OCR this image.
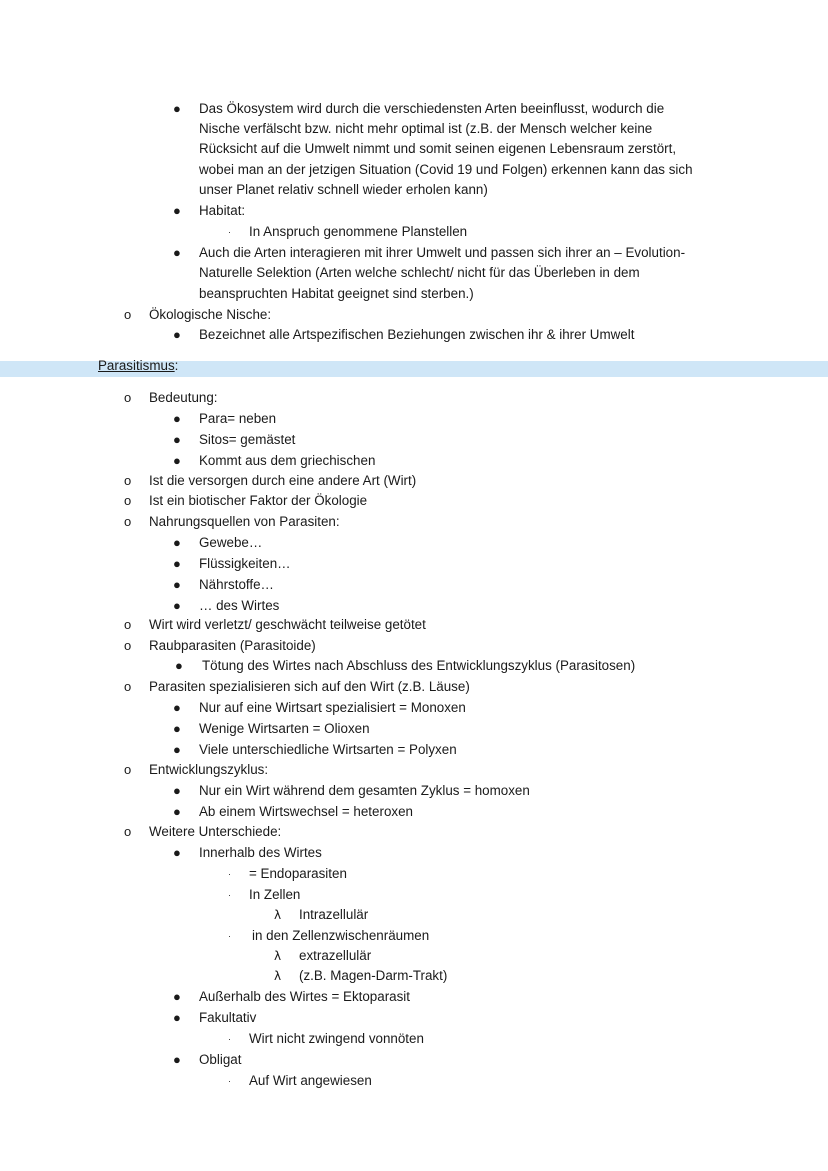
● Das Ökosystem wird durch die verschiedensten Arten beeinflusst, wodurch die
Nische verfälscht bzw. nicht mehr optimal ist (z.B. der Mensch welcher keine
Rücksicht auf die Umwelt nimmt und somit seinen eigenen Lebensraum zerstört,
wobei man an der jetzigen Situation (Covid 19 und Folgen) erkennen kann das sich
unser Planet relativ schnell wieder erholen kann)
● Habitat:
· In Anspruch genommene Planstellen
● Auch die Arten interagieren mit ihrer Umwelt und passen sich ihrer an – Evolution-
Naturelle Selektion (Arten welche schlecht/ nicht für das Überleben in dem
beanspruchten Habitat geeignet sind sterben.)
o Ökologische Nische:
● Bezeichnet alle Artspezifischen Beziehungen zwischen ihr & ihrer Umwelt
Parasitismus:
o Bedeutung:
● Para= neben
● Sitos= gemästet
● Kommt aus dem griechischen
o Ist die versorgen durch eine andere Art (Wirt)
o Ist ein biotischer Faktor der Ökologie
o Nahrungsquellen von Parasiten:
● Gewebe…
● Flüssigkeiten…
● Nährstoffe…
● … des Wirtes
o Wirt wird verletzt/ geschwächt teilweise getötet
o Raubparasiten (Parasitoide)
● Tötung des Wirtes nach Abschluss des Entwicklungszyklus (Parasitosen)
o Parasiten spezialisieren sich auf den Wirt (z.B. Läuse)
● Nur auf eine Wirtsart spezialisiert = Monoxen
● Wenige Wirtsarten = Olioxen
● Viele unterschiedliche Wirtsarten = Polyxen
o Entwicklungszyklus:
● Nur ein Wirt während dem gesamten Zyklus = homoxen
● Ab einem Wirtswechsel = heteroxen
o Weitere Unterschiede:
● Innerhalb des Wirtes
· = Endoparasiten
· In Zellen
λ Intrazellulär
· in den Zellenzwischenräumen
λ extrazellulär
λ (z.B. Magen-Darm-Trakt)
● Außerhalb des Wirtes = Ektoparasit
● Fakultativ
· Wirt nicht zwingend vonnöten
● Obligat
· Auf Wirt angewiesen
